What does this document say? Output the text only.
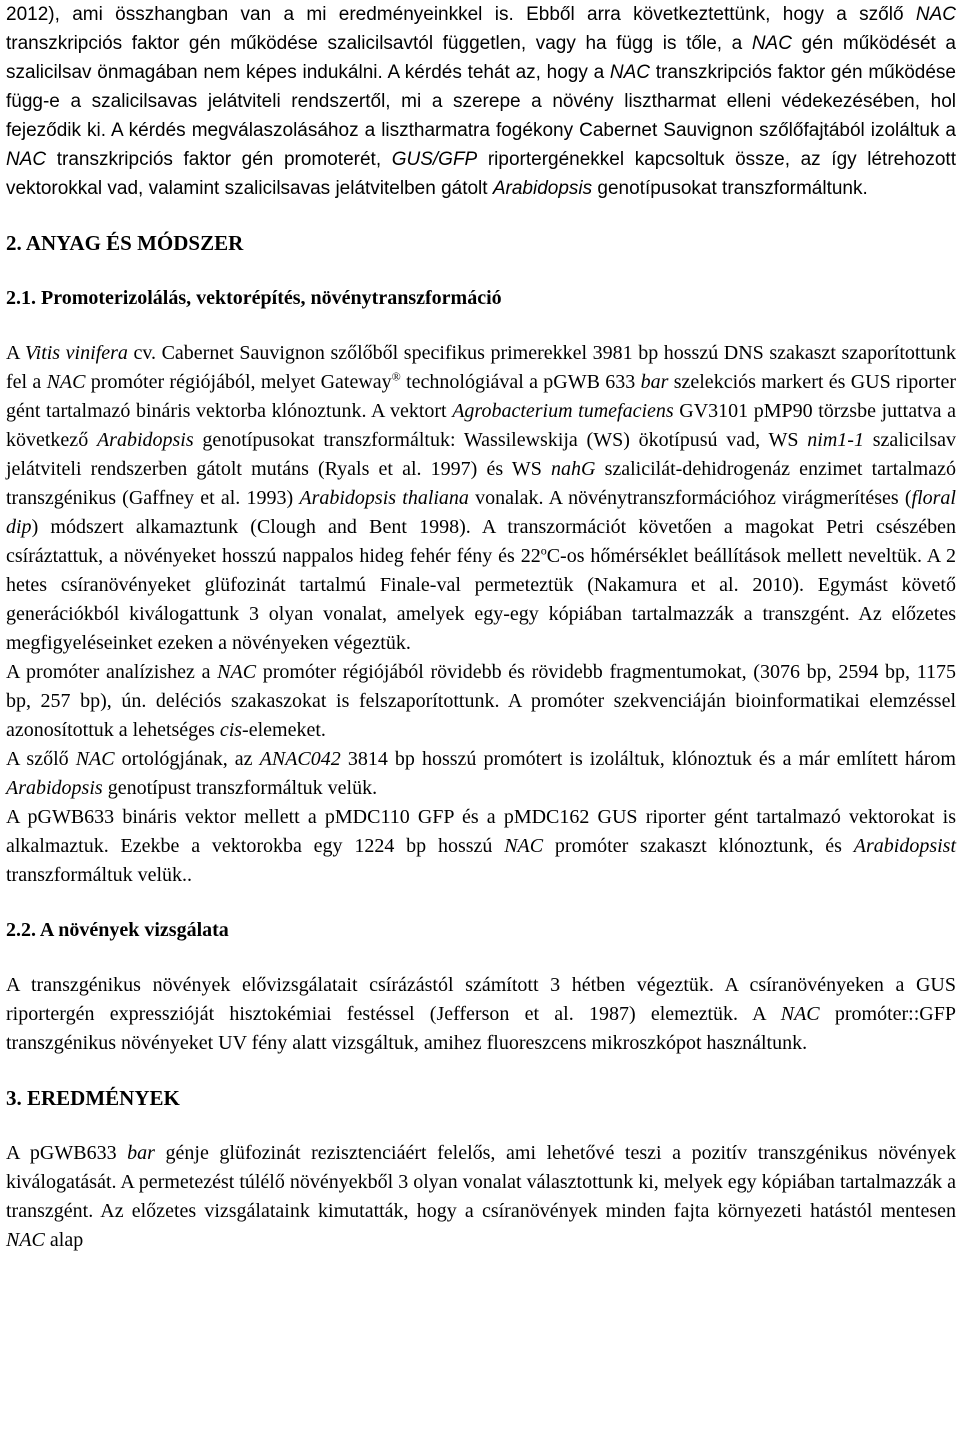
2012), ami összhangban van a mi eredményeinkkel is. Ebből arra következtettünk, hogy a szőlő NAC transzkripciós faktor gén működése szalicilsavtól független, vagy ha függ is tőle, a NAC gén működését a szalicilsav önmagában nem képes indukálni. A kérdés tehát az, hogy a NAC transzkripciós faktor gén működése függ-e a szalicilsavas jelátviteli rendszertől, mi a szerepe a növény lisztharmat elleni védekezésében, hol fejeződik ki. A kérdés megválaszolásához a lisztharmatra fogékony Cabernet Sauvignon szőlőfajtából izoláltuk a NAC transzkripciós faktor gén promoterét, GUS/GFP riportergénekkel kapcsoltuk össze, az így létrehozott vektorokkal vad, valamint szalicilsavas jelátvitelben gátolt Arabidopsis genotípusokat transzformáltunk.

2. ANYAG ÉS MÓDSZER
2.1. Promoterizolálás, vektorépítés, növénytranszformáció

A Vitis vinifera cv. Cabernet Sauvignon szőlőből specifikus primerekkel 3981 bp hosszú DNS szakaszt szaporítottunk fel a NAC promóter régiójából, melyet Gateway® technológiával a pGWB 633 bar szelekciós markert és GUS riporter gént tartalmazó bináris vektorba klónoztunk. A vektort Agrobacterium tumefaciens GV3101 pMP90 törzsbe juttatva a következő Arabidopsis genotípusokat transzformáltuk: Wassilewskija (WS) ökotípusú vad, WS nim1-1 szalicilsav jelátviteli rendszerben gátolt mutáns (Ryals et al. 1997) és WS nahG szalicilát-dehidrogenáz enzimet tartalmazó transzgénikus (Gaffney et al. 1993) Arabidopsis thaliana vonalak. A növénytranszformációhoz virágmerítéses (floral dip) módszert alkamaztunk (Clough and Bent 1998). A transzormációt követően a magokat Petri csészében csíráztattuk, a növényeket hosszú nappalos hideg fehér fény és 22$^o$C-os hőmérséklet beállítások mellett neveltük. A 2 hetes csíranövényeket glüfozinát tartalmú Finale-val permeteztük (Nakamura et al. 2010). Egymást követő generációkból kiválogattunk 3 olyan vonalat, amelyek egy-egy kópiában tartalmazzák a transzgént. Az előzetes megfigyeléseinket ezeken a növényeken végeztük.

A promóter analízishez a NAC promóter régiójából rövidebb és rövidebb fragmentumokat, (3076 bp, 2594 bp, 1175 bp, 257 bp), ún. deléciós szakaszokat is felszaporítottunk. A promóter szekvenciáján bioinformatikai elemzéssel azonosítottuk a lehetséges cis-elemeket.

A szőlő NAC ortológjának, az ANAC042 3814 bp hosszú promótert is izoláltuk, klónoztuk és a már említett három Arabidopsis genotípust transzformáltuk velük.

A pGWB633 bináris vektor mellett a pMDC110 GFP és a pMDC162 GUS riporter gént tartalmazó vektorokat is alkalmaztuk. Ezekbe a vektorokba egy 1224 bp hosszú NAC promóter szakaszt klónoztunk, és Arabidopsist transzformáltuk velük..

2.2. A növények vizsgálata

A transzgénikus növények elővizsgálatait csírázástól számított 3 hétben végeztük. A csíranövényeken a GUS riportergén expresszióját hisztokémiai festéssel (Jefferson et al. 1987) elemeztük. A NAC promóter::GFP transzgénikus növényeket UV fény alatt vizsgáltuk, amihez fluoreszcens mikroszkópot használtunk.

3. EREDMÉNYEK

A pGWB633 bar génje glüfozinát rezisztenciáért felelős, ami lehetővé teszi a pozitív transzgénikus növények kiválogatását. A permetezést túlélő növényekből 3 olyan vonalat választottunk ki, melyek egy kópiában tartalmazzák a transzgént. Az előzetes vizsgálataink kimutatták, hogy a csíranövények minden fajta környezeti hatástól mentesen NAC alap
